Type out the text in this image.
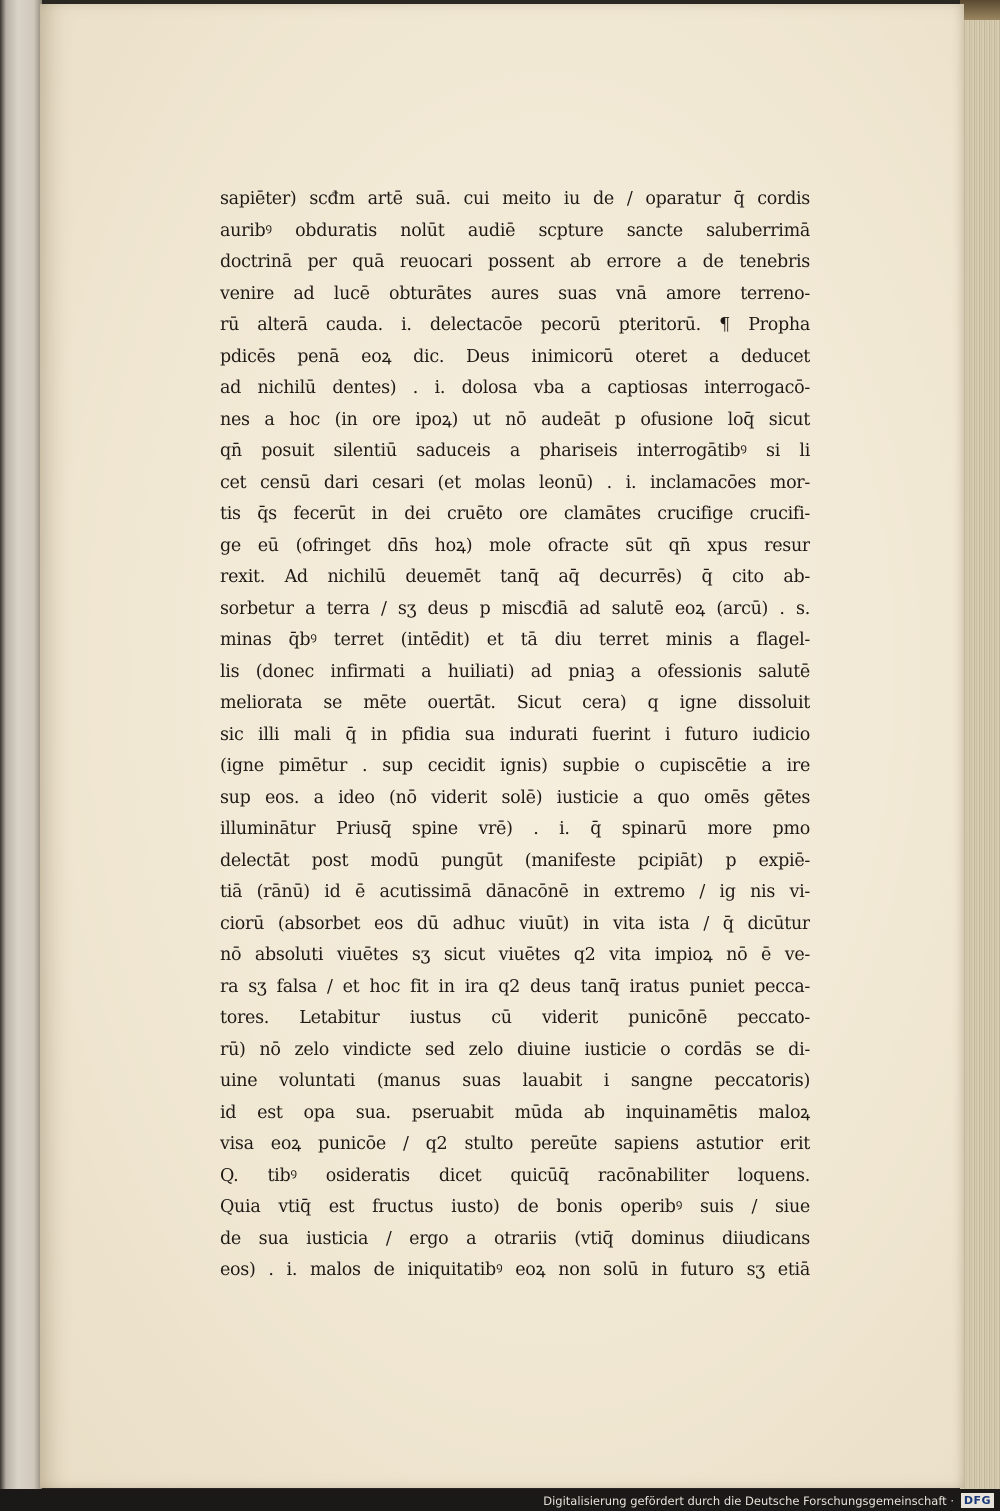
sapiēter) scđm artē suā. cui meito iu de / oparatur q̄ cordis
auribꝰ obduratis nolūt audiē scpture sancte saluberrimā
doctrinā per quā reuocari possent ab errore a de tenebris
venire ad lucē obturātes aures suas vnā amore terreno-
rū alterā cauda. i. delectacōe pecorū pteritorū. ¶ Propha
pdicēs penā eoꝝ dic. Deus inimicorū oteret a deducet
ad nichilū dentes) . i. dolosa vba a captiosas interrogacō-
nes a hoc (in ore ipoꝝ) ut nō audeāt p ofusione loq̄ sicut
qn̄ posuit silentiū saduceis a phariseis interrogātibꝰ si li
cet censū dari cesari (et molas leonū) . i. inclamacōes mor-
tis q̄s fecerūt in dei cruēto ore clamātes crucifige crucifi-
ge eū (ofringet dn̄s hoꝝ) mole ofracte sūt qn̄ xpus resur
rexit. Ad nichilū deuemēt tanq̄ aq̄ decurrēs) q̄ cito ab-
sorbetur a terra / sʒ deus p miscđiā ad salutē eoꝝ (arcū) . s.
minas q̄bꝰ terret (intēdit) et tā diu terret minis a flagel-
lis (donec infirmati a huiliati) ad pniaꝫ a ofessionis salutē
meliorata se mēte ouertāt. Sicut cera) q igne dissoluit
sic illi mali q̄ in pfidia sua indurati fuerint i futuro iudicio
(igne pimētur . sup cecidit ignis) supbie o cupiscētie a ire
sup eos. a ideo (nō viderit solē) iusticie a quo omēs gētes
illuminātur Priusq̄ spine vrē) . i. q̄ spinarū more pmo
delectāt post modū pungūt (manifeste pcipiāt) p expiē-
tiā (rānū) id ē acutissimā dānacōnē in extremo / ig nis vi-
ciorū (absorbet eos dū adhuc viuūt) in vita ista / q̄ dicūtur
nō absoluti viuētes sʒ sicut viuētes q2 vita impioꝝ nō ē ve-
ra sʒ falsa / et hoc fit in ira q2 deus tanq̄ iratus puniet pecca-
tores. Letabitur iustus cū viderit punicōnē peccato-
rū) nō zelo vindicte sed zelo diuine iusticie o cordās se di-
uine voluntati (manus suas lauabit i sangne peccatoris)
id est opa sua. pseruabit mūda ab inquinamētis maloꝝ
visa eoꝝ punicōe / q2 stulto pereūte sapiens astutior erit
Q. tibꝰ osideratis dicet quicūq̄ racōnabiliter loquens.
Quia vtiq̄ est fructus iusto) de bonis operibꝰ suis / siue
de sua iusticia / ergo a otrariis (vtiq̄ dominus diiudicans
eos) . i. malos de iniquitatibꝰ eoꝝ non solū in futuro sʒ etiā
Digitalisierung gefördert durch die Deutsche Forschungsgemeinschaft · DFG
